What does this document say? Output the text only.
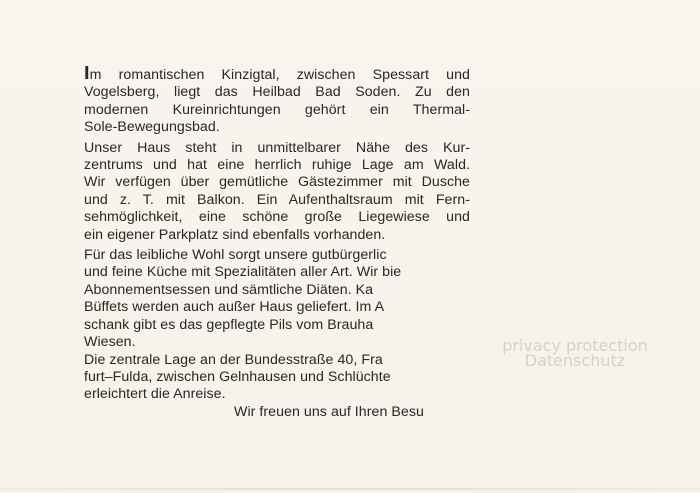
Im romantischen Kinzigtal, zwischen Spessart und
Vogelsberg, liegt das Heilbad Bad Soden. Zu den
modernen Kureinrichtungen gehört ein Thermal-
Sole-Bewegungsbad.
Unser Haus steht in unmittelbarer Nähe des Kur-
zentrums und hat eine herrlich ruhige Lage am Wald.
Wir verfügen über gemütliche Gästezimmer mit Dusche
und z. T. mit Balkon. Ein Aufenthaltsraum mit Fern-
sehmöglichkeit, eine schöne große Liegewiese und
ein eigener Parkplatz sind ebenfalls vorhanden.
Für das leibliche Wohl sorgt unsere gutbürgerlic
und feine Küche mit Spezialitäten aller Art. Wir bie
Abonnementsessen und sämtliche Diäten. Ka
Büffets werden auch außer Haus geliefert. Im A
schank gibt es das gepflegte Pils vom Brauha
Wiesen.
Die zentrale Lage an der Bundesstraße 40, Fra
furt–Fulda, zwischen Gelnhausen und Schlüchte
erleichtert die Anreise.
Wir freuen uns auf Ihren Besu
privacy protection
Datenschutz
